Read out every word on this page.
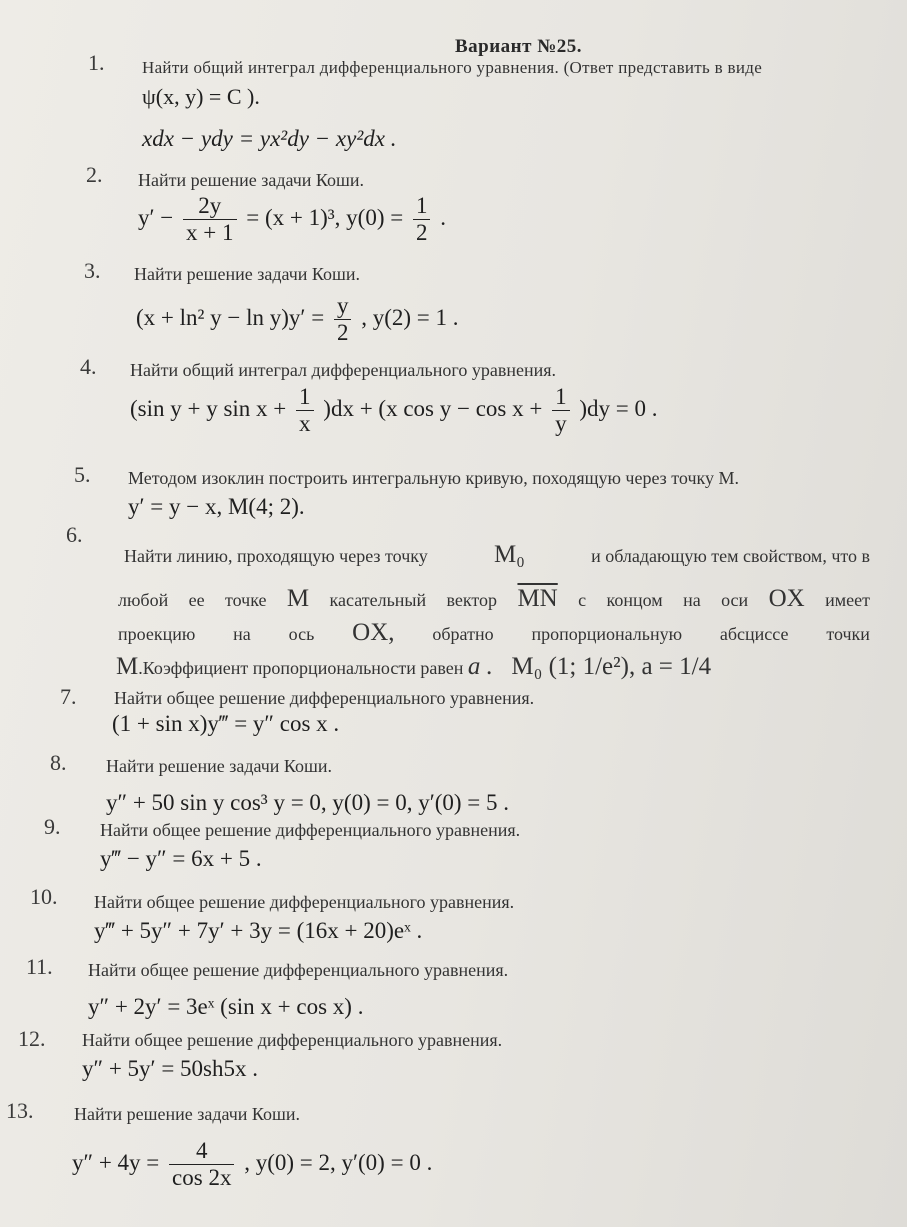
Вариант №25.
1. Найти общий интеграл дифференциального уравнения. (Ответ представить в виде
ψ(x, y) = C ).
xdx − ydy = yx²dy − xy²dx .
2. Найти решение задачи Коши.
$y' - \frac{2y}{x + 1} = (x + 1)^3$, $y(0) = \frac{1}{2}$ .
3. Найти решение задачи Коши.
(x + ln² $y - \ln y)y' = \frac{y}{2}$ , y(2) = 1 .
4. Найти общий интеграл дифференциального уравнения.
(sin y + y $\sin x + \frac{1}{x} )dx + (x$ $\cos y - \cos x + \frac{1}{y} )dy = 0$ .
5. Методом изоклин построить интегральную кривую, походящую через точку М.
y′ = y − x, M(4; 2).
6.
Найти линию, проходящую через точку	M₀	и обладающую тем свойством, что в
любой ее точке M касательный вектор $\overline{MN}$ с концом на оси OX имеет
проекцию на ось OX, обратно пропорциональную абсциссе точки
M.Коэффициент пропорциональности равен a . M₀ (1; 1/e²), a = 1/4
7. Найти общее решение дифференциального уравнения.
(1 + sin x)y‴ = y″ cos x .
8. Найти решение задачи Коши.
y″ + 50 sin y cos³ y = 0, y(0) = 0, y′(0) = 5 .
9. Найти общее решение дифференциального уравнения.
y‴ − y″ = 6x + 5 .
10. Найти общее решение дифференциального уравнения.
y‴ + 5y″ + 7y′ + 3y = (16x + 20)eˣ .
11. Найти общее решение дифференциального уравнения.
y″ + 2y′ = 3eˣ (sin x + cos x) .
12. Найти общее решение дифференциального уравнения.
y″ + 5y′ = 50sh5x .
13. Найти решение задачи Коши.
$y'' + 4y = \frac{4}{\cos 2x}$ , y(0) = 2, y′(0) = 0 .
